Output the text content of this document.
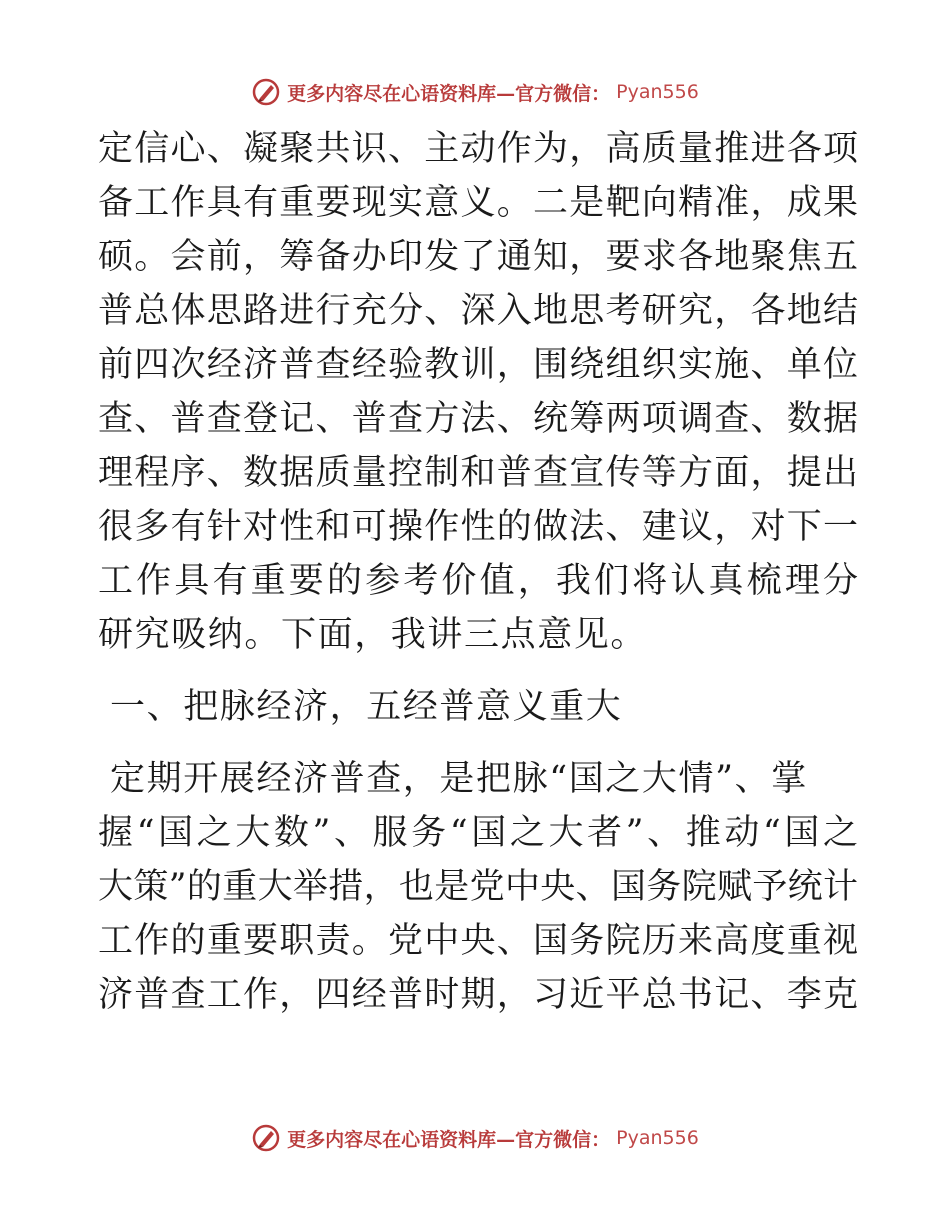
更多内容尽在心语资料库—官方微信： Pyan556
定信心、凝聚共识、主动作为，高质量推进各项
备工作具有重要现实意义。二是靶向精准，成果
硕。会前，筹备办印发了通知，要求各地聚焦五
普总体思路进行充分、深入地思考研究，各地结
前四次经济普查经验教训，围绕组织实施、单位
查、普查登记、普查方法、统筹两项调查、数据
理程序、数据质量控制和普查宣传等方面，提出
很多有针对性和可操作性的做法、建议，对下一
工作具有重要的参考价值，我们将认真梳理分
研究吸纳。下面，我讲三点意见。
一、把脉经济，五经普意义重大
定期开展经济普查，是把脉“国之大情”、掌
握“国之大数”、服务“国之大者”、推动“国之
大策”的重大举措，也是党中央、国务院赋予统计
工作的重要职责。党中央、国务院历来高度重视
济普查工作，四经普时期，习近平总书记、李克
更多内容尽在心语资料库—官方微信： Pyan556
